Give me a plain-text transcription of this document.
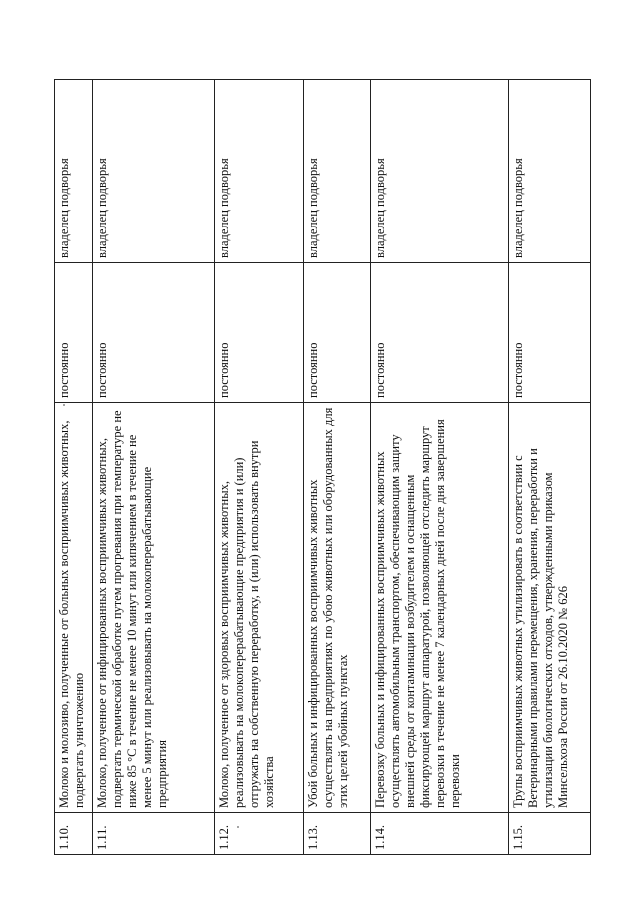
1.10.	Молоко и молозиво, полученные от больных восприимчивых животных, подвергать уничтожению	постоянно	владелец подворья
1.11.	Молоко, полученное от инфицированных восприимчивых животных, подвергать термической обработке путем прогревания при температуре не ниже 85 °С в течение не менее 10 минут или кипячением в течение не менее 5 минут или реализовывать на молокоперерабатывающие предприятия	постоянно	владелец подворья
1.12.	Молоко, полученное от здоровых восприимчивых животных, реализовывать на молокоперерабатывающие предприятия и (или) отгружать на собственную переработку, и (или) использовать внутри хозяйства	постоянно	владелец подворья
1.13.	Убой больных и инфицированных восприимчивых животных осуществлять на предприятиях по убою животных или оборудованных для этих целей убойных пунктах	постоянно	владелец подворья
1.14.	Перевозку больных и инфицированных восприимчивых животных осуществлять автомобильным транспортом, обеспечивающим защиту внешней среды от контаминации возбудителем и оснащенным фиксирующей маршрут аппаратурой, позволяющей отследить маршрут перевозки в течение не менее 7 календарных дней после дня завершения перевозки	постоянно	владелец подворья
1.15.	Трупы восприимчивых животных утилизировать в соответствии с Ветеринарными правилами перемещения, хранения, переработки и утилизации биологических отходов, утвержденными приказом Минсельхоза России от 26.10.2020 № 626	постоянно	владелец подворья
